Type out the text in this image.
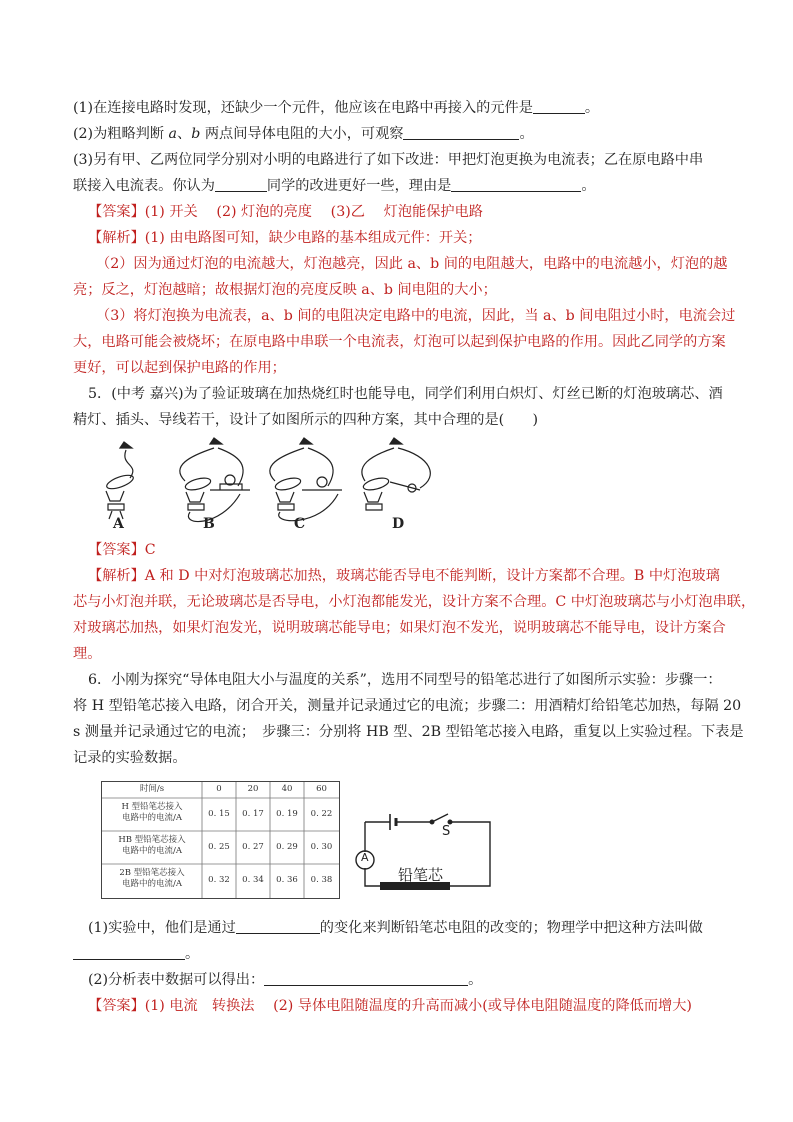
(1)在连接电路时发现，还缺少一个元件，他应该在电路中再接入的元件是	。
(2)为粗略判断 a、b 两点间导体电阻的大小，可观察	。
(3)另有甲、乙两位同学分别对小明的电路进行了如下改进：甲把灯泡更换为电流表；乙在原电路中串
联接入电流表。你认为	同学的改进更好一些，理由是	。
【答案】(1) 开关　 (2) 灯泡的亮度　 (3)乙　 灯泡能保护电路
【解析】(1) 由电路图可知，缺少电路的基本组成元件：开关；
（2）因为通过灯泡的电流越大，灯泡越亮，因此 a、b 间的电阻越大，电路中的电流越小，灯泡的越
亮；反之，灯泡越暗；故根据灯泡的亮度反映 a、b 间电阻的大小；
（3）将灯泡换为电流表，a、b 间的电阻决定电路中的电流，因此，当 a、b 间电阻过小时，电流会过
大，电路可能会被烧坏；在原电路中串联一个电流表，灯泡可以起到保护电路的作用。因此乙同学的方案
更好，可以起到保护电路的作用；
5．(中考 嘉兴)为了验证玻璃在加热烧红时也能导电，同学们利用白炽灯、灯丝已断的灯泡玻璃芯、酒
精灯、插头、导线若干，设计了如图所示的四种方案，其中合理的是(　　)
A	B	C	D
【答案】C
【解析】A 和 D 中对灯泡玻璃芯加热，玻璃芯能否导电不能判断，设计方案都不合理。B 中灯泡玻璃
芯与小灯泡并联，无论玻璃芯是否导电，小灯泡都能发光，设计方案不合理。C 中灯泡玻璃芯与小灯泡串联，
对玻璃芯加热，如果灯泡发光，说明玻璃芯能导电；如果灯泡不发光，说明玻璃芯不能导电，设计方案合
理。
6．小刚为探究“导体电阻大小与温度的关系”，选用不同型号的铅笔芯进行了如图所示实验：步骤一：
将 H 型铅笔芯接入电路，闭合开关，测量并记录通过它的电流；步骤二：用酒精灯给铅笔芯加热，每隔 20
s 测量并记录通过它的电流；　步骤三：分别将 HB 型、2B 型铅笔芯接入电路，重复以上实验过程。下表是
记录的实验数据。
时间/s	0	20	40	60
H 型铅笔芯接入
电路中的电流/A	0. 15	0. 17	0. 19	0. 22
HB 型铅笔芯接入
电路中的电流/A	0. 25	0. 27	0. 29	0. 30
2B 型铅笔芯接入
电路中的电流/A	0. 32	0. 34	0. 36	0. 38
S
A
铅笔芯
(1)实验中，他们是通过	的变化来判断铅笔芯电阻的改变的；物理学中把这种方法叫做
。
(2)分析表中数据可以得出：	。
【答案】(1) 电流　转换法　 (2) 导体电阻随温度的升高而减小(或导体电阻随温度的降低而增大)
